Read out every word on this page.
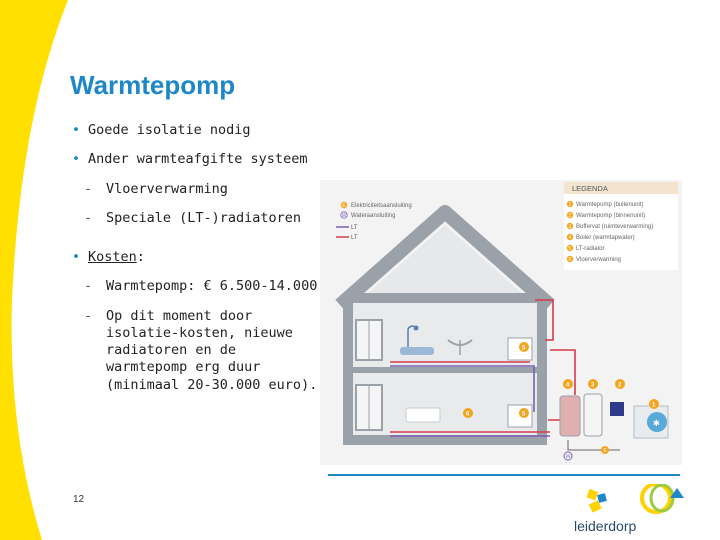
Warmtepomp
• Goede isolatie nodig
• Ander warmteafgifte systeem
- Vloerverwarming
- Speciale (LT-)radiatoren
• Kosten:
- Warmtepomp: € 6.500-14.000
- Op dit moment door isolatie-kosten, nieuwe radiatoren en de warmtepomp erg duur (minimaal 20-30.000 euro).
LEGENDA
1 Warmtepomp (buitenunit)
2 Warmtepomp (binnenunit)
3 Buffervat (ruimteverwarming)
4 Boiler (warmtapwater)
5 LT-radiator
6 Vloerverwarming
E Elektriciteitsaansluiting
W Wateraansluiting
LT
LT
✱
1
2
3
4
5
5
6
W
E
12
leiderdorp
